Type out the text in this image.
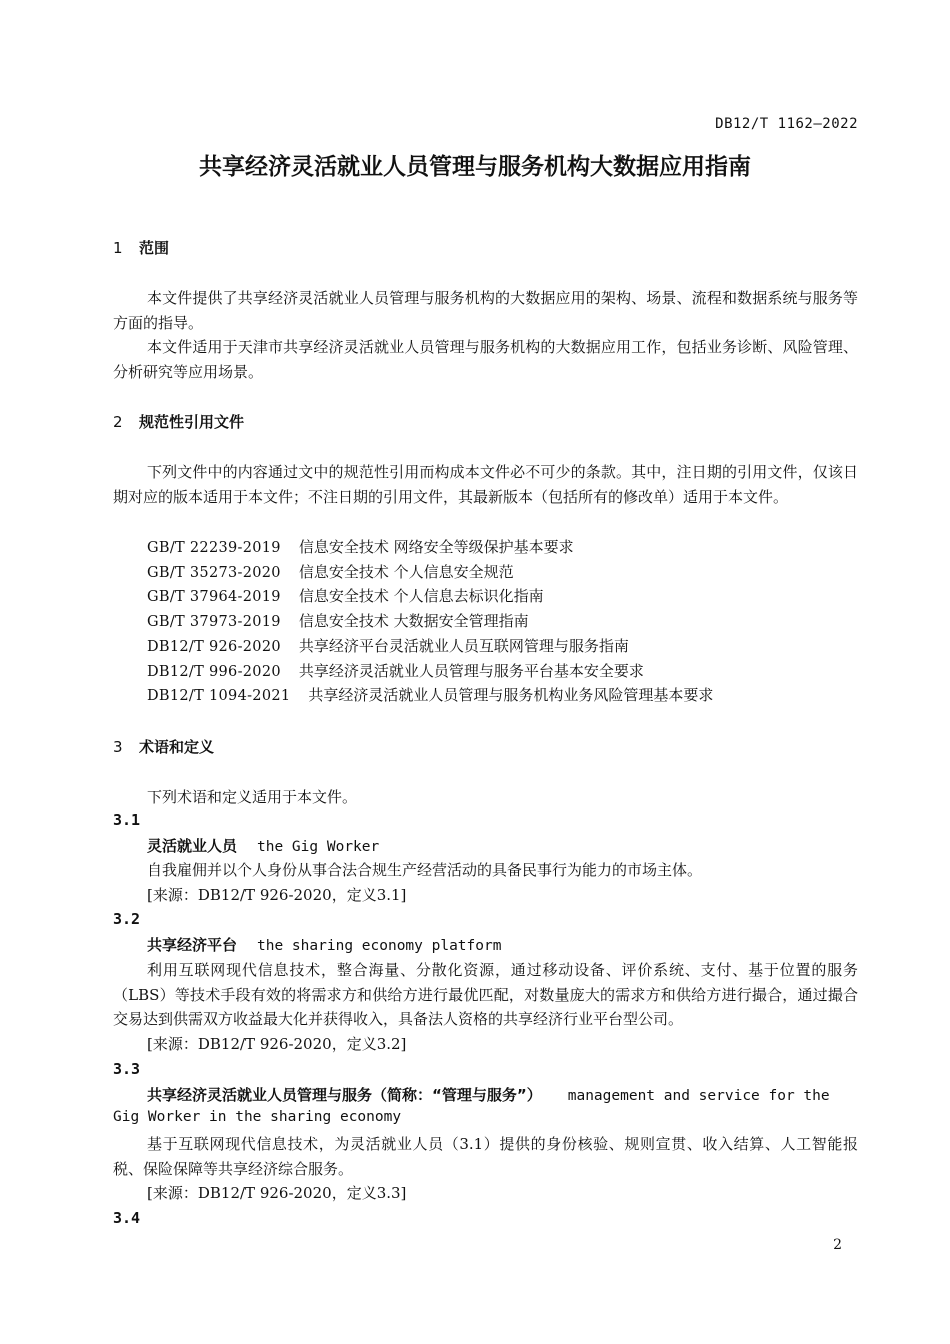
DB12/T 1162—2022
共享经济灵活就业人员管理与服务机构大数据应用指南
1 范围
本文件提供了共享经济灵活就业人员管理与服务机构的大数据应用的架构、场景、流程和数据系统与服务等方面的指导。
本文件适用于天津市共享经济灵活就业人员管理与服务机构的大数据应用工作，包括业务诊断、风险管理、分析研究等应用场景。
2 规范性引用文件
下列文件中的内容通过文中的规范性引用而构成本文件必不可少的条款。其中，注日期的引用文件，仅该日期对应的版本适用于本文件；不注日期的引用文件，其最新版本（包括所有的修改单）适用于本文件。
GB/T 22239-2019 信息安全技术 网络安全等级保护基本要求
GB/T 35273-2020 信息安全技术 个人信息安全规范
GB/T 37964-2019 信息安全技术 个人信息去标识化指南
GB/T 37973-2019 信息安全技术 大数据安全管理指南
DB12/T 926-2020 共享经济平台灵活就业人员互联网管理与服务指南
DB12/T 996-2020 共享经济灵活就业人员管理与服务平台基本安全要求
DB12/T 1094-2021 共享经济灵活就业人员管理与服务机构业务风险管理基本要求
3 术语和定义
下列术语和定义适用于本文件。
3.1
灵活就业人员 the Gig Worker
自我雇佣并以个人身份从事合法合规生产经营活动的具备民事行为能力的市场主体。
[来源：DB12/T 926-2020，定义3.1]
3.2
共享经济平台 the sharing economy platform
利用互联网现代信息技术，整合海量、分散化资源，通过移动设备、评价系统、支付、基于位置的服务（LBS）等技术手段有效的将需求方和供给方进行最优匹配，对数量庞大的需求方和供给方进行撮合，通过撮合交易达到供需双方收益最大化并获得收入，具备法人资格的共享经济行业平台型公司。
[来源：DB12/T 926-2020，定义3.2]
3.3
共享经济灵活就业人员管理与服务（简称：“管理与服务”） management and service for the
Gig Worker in the sharing economy
基于互联网现代信息技术，为灵活就业人员（3.1）提供的身份核验、规则宣贯、收入结算、人工智能报税、保险保障等共享经济综合服务。
[来源：DB12/T 926-2020，定义3.3]
3.4
2
